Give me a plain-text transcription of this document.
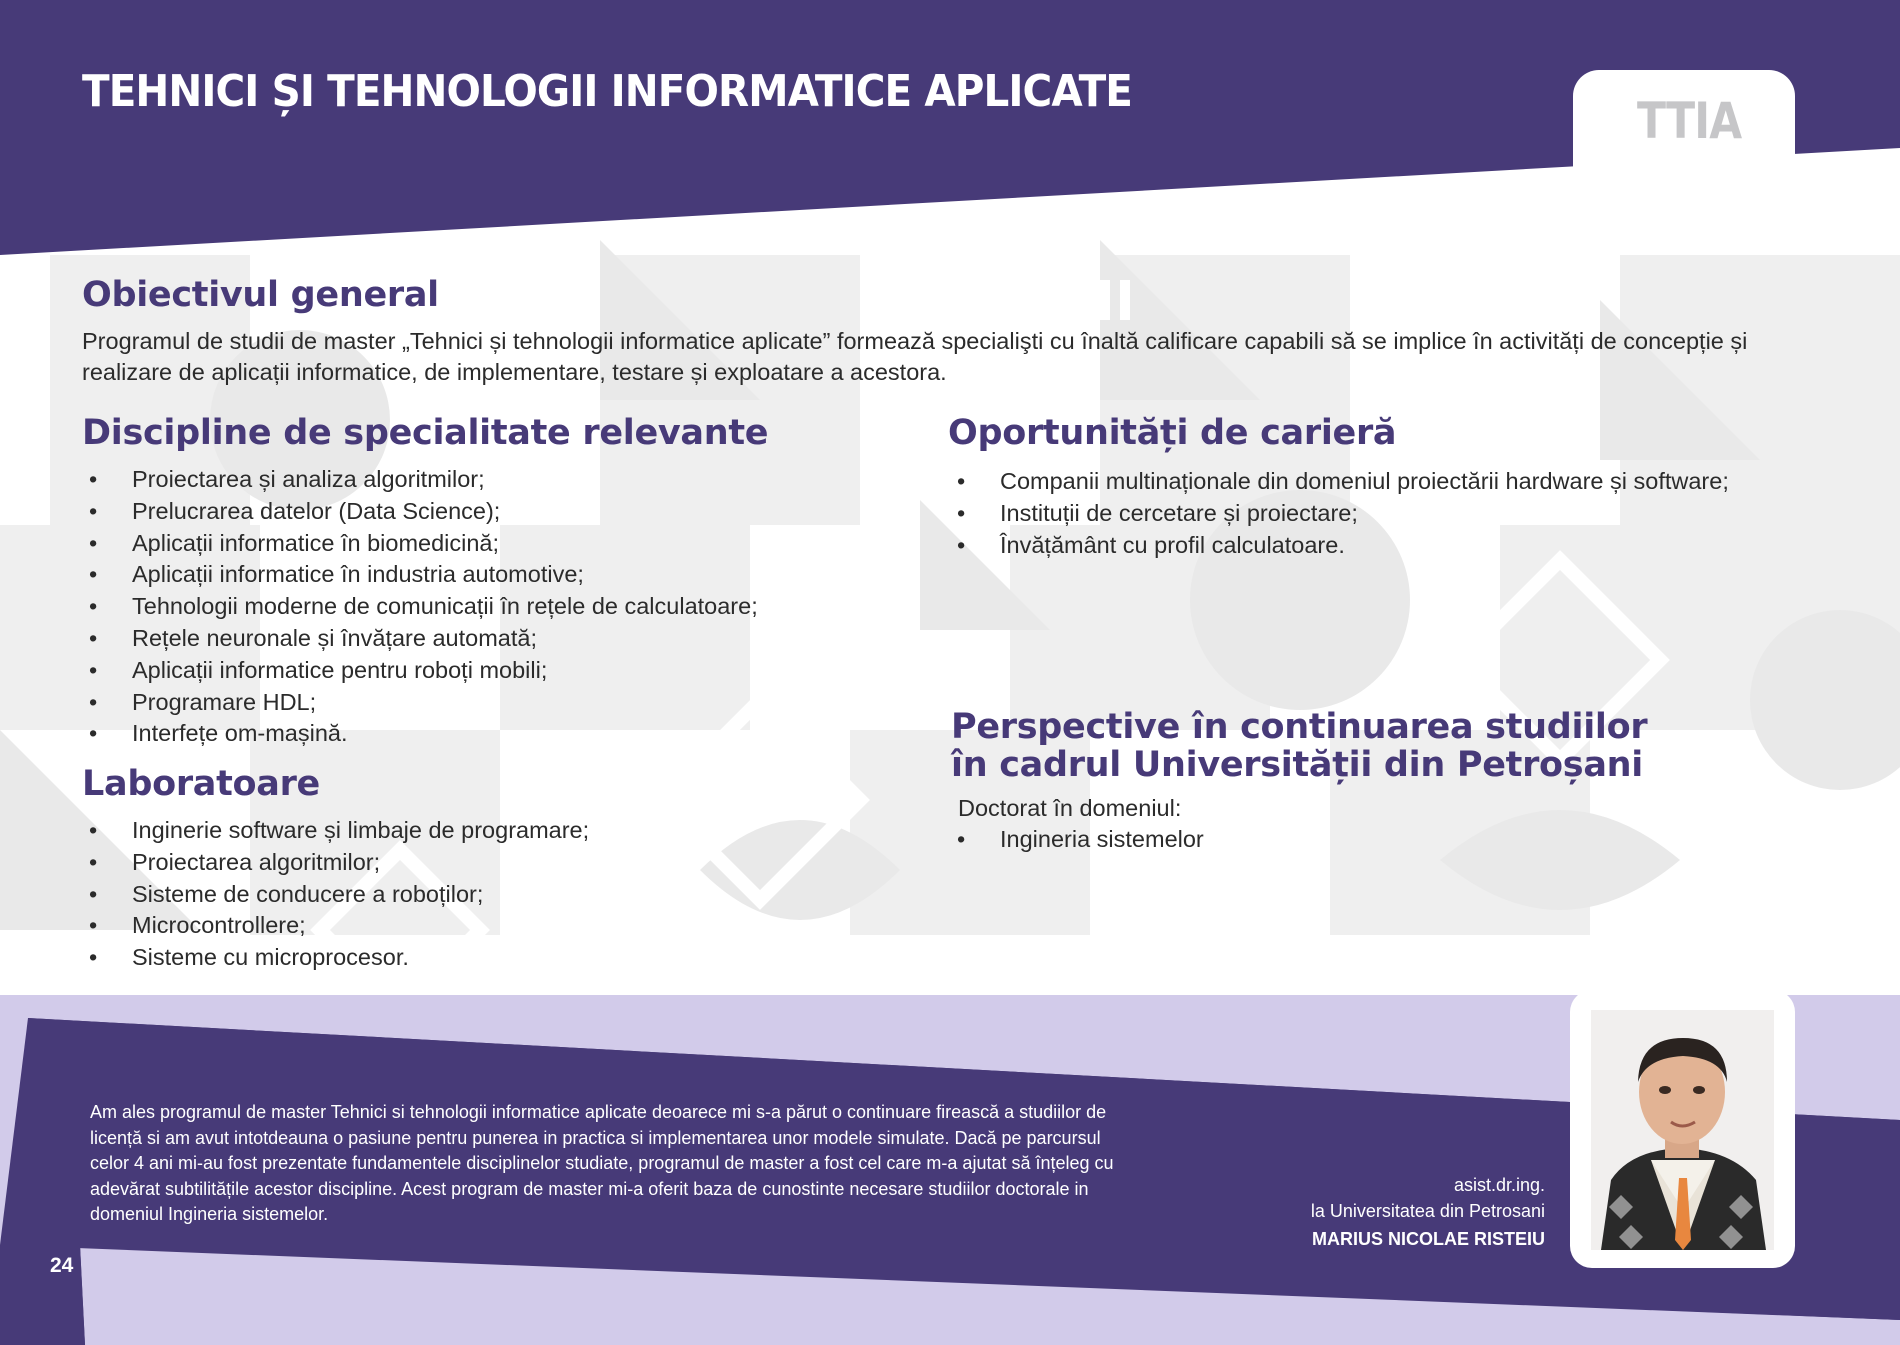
TEHNICI ȘI TEHNOLOGII INFORMATICE APLICATE
TTIA
Obiectivul general
Programul de studii de master „Tehnici și tehnologii informatice aplicate” formează specialişti cu înaltă calificare capabili să se implice în activități de concepție și
realizare de aplicații informatice, de implementare, testare și exploatare a acestora.
Discipline de specialitate relevante
• Proiectarea și analiza algoritmilor;
• Prelucrarea datelor (Data Science);
• Aplicații informatice în biomedicină;
• Aplicații informatice în industria automotive;
• Tehnologii moderne de comunicații în rețele de calculatoare;
• Rețele neuronale și învățare automată;
• Aplicații informatice pentru roboți mobili;
• Programare HDL;
• Interfețe om-mașină.
Laboratoare
• Inginerie software și limbaje de programare;
• Proiectarea algoritmilor;
• Sisteme de conducere a roboților;
• Microcontrollere;
• Sisteme cu microprocesor.
Oportunități de carieră
• Companii multinaționale din domeniul proiectării hardware și software;
• Instituții de cercetare și proiectare;
• Învățământ cu profil calculatoare.
Perspective în continuarea studiilor
în cadrul Universității din Petroșani
Doctorat în domeniul:
• Ingineria sistemelor
Am ales programul de master Tehnici si tehnologii informatice aplicate deoarece mi s-a părut o continuare firească a studiilor de licență si am avut intotdeauna o pasiune pentru punerea in practica si implementarea unor modele simulate. Dacă pe parcursul celor 4 ani mi-au fost prezentate fundamentele disciplinelor studiate, programul de master a fost cel care m-a ajutat să înțeleg cu adevărat subtilitățile acestor discipline. Acest program de master mi-a oferit baza de cunostinte necesare studiilor doctorale in domeniul Ingineria sistemelor.
asist.dr.ing.
la Universitatea din Petrosani
MARIUS NICOLAE RISTEIU
24
